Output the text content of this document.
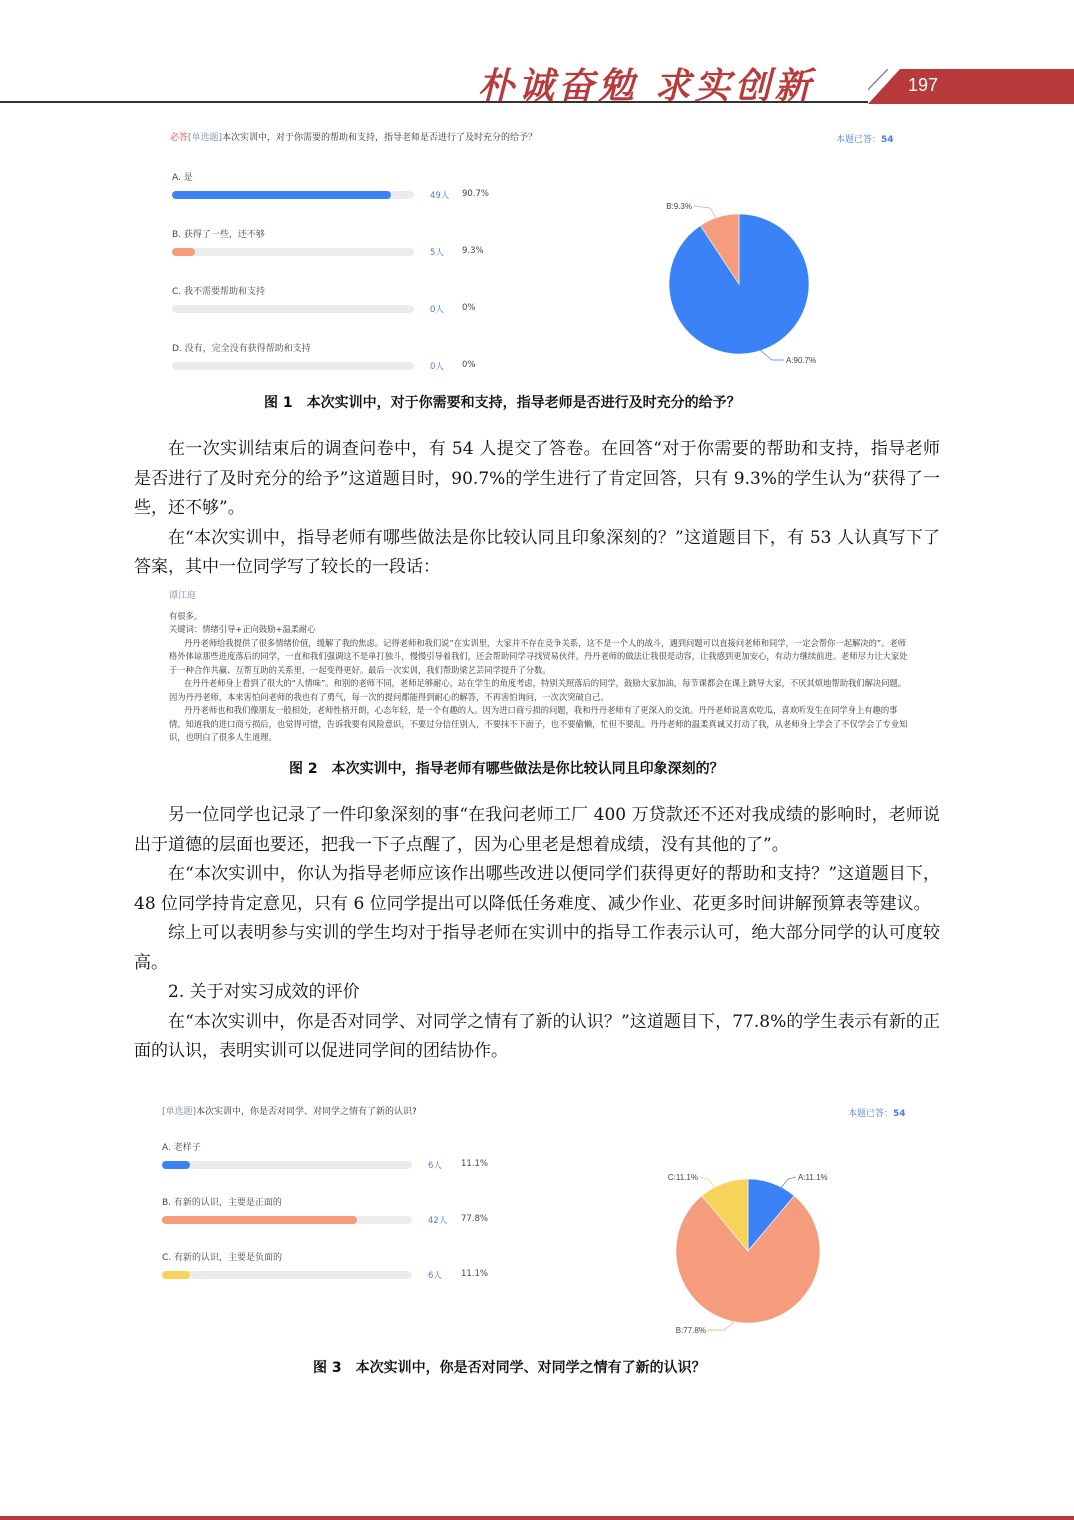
朴诚奋勉 求实创新	197
必答[单选题]本次实训中，对于你需要的帮助和支持，指导老师是否进行了及时充分的给予？	本题已答：54
A. 是
49人 90.7%
B. 获得了一些，还不够
5人 9.3%
C. 我不需要帮助和支持
0人 0%
D. 没有，完全没有获得帮助和支持
0人 0%
B:9.3%
A:90.7%
图 1　本次实训中，对于你需要和支持，指导老师是否进行及时充分的给予？

在一次实训结束后的调查问卷中，有 54 人提交了答卷。在回答“对于你需要的帮助和支持，指导老师是否进行了及时充分的给予”这道题目时，90.7%的学生进行了肯定回答，只有 9.3%的学生认为“获得了一些，还不够”。

在“本次实训中，指导老师有哪些做法是你比较认同且印象深刻的？”这道题目下，有 53 人认真写下了答案，其中一位同学写了较长的一段话：

谭江庭

有很多。

关键词：情绪引导+正向鼓励+温柔耐心

丹丹老师给我提供了很多情绪价值，缓解了我的焦虑。记得老师和我们说“在实训里，大家并不存在竞争关系，这不是一个人的战斗，遇到问题可以直接问老师和同学，一定会帮你一起解决的”。老师格外体谅那些进度落后的同学，一直和我们强调这不是单打独斗，慢慢引导着我们，还会帮助同学寻找贸易伙伴。丹丹老师的做法让我很是动容，让我感到更加安心，有动力继续前进。老师尽力让大家处于一种合作共赢、互帮互助的关系里，一起变得更好。最后一次实训，我们帮助梁艺芸同学提升了分数。

在丹丹老师身上看到了很大的“人情味”。和别的老师不同，老师足够耐心，站在学生的角度考虑，特别关照落后的同学，鼓励大家加油，每节课都会在课上跳导大家，不厌其烦地帮助我们解决问题。因为丹丹老师，本来害怕问老师的我也有了勇气，每一次的提问都能得到耐心的解答，不再害怕询问，一次次突破自己。

丹丹老师也和我们像朋友一般相处，老师性格开朗，心态年轻，是一个有趣的人。因为进口商亏损的问题，我和丹丹老师有了更深入的交流。丹丹老师说喜欢吃瓜，喜欢听发生在同学身上有趣的事情。知道我的进口商亏损后，也觉得可惜，告诉我要有风险意识，不要过分信任别人，不要抹不下面子，也不要偷懒，忙但不要乱。丹丹老师的温柔真诚又打动了我，从老师身上学会了不仅学会了专业知识，也明白了很多人生道理。

图 2　本次实训中，指导老师有哪些做法是你比较认同且印象深刻的？

另一位同学也记录了一件印象深刻的事“在我问老师工厂 400 万贷款还不还对我成绩的影响时，老师说出于道德的层面也要还，把我一下子点醒了，因为心里老是想着成绩，没有其他的了”。

在“本次实训中，你认为指导老师应该作出哪些改进以便同学们获得更好的帮助和支持？”这道题目下，48 位同学持肯定意见，只有 6 位同学提出可以降低任务难度、减少作业、花更多时间讲解预算表等建议。

综上可以表明参与实训的学生均对于指导老师在实训中的指导工作表示认可，绝大部分同学的认可度较高。

2. 关于对实习成效的评价

在“本次实训中，你是否对同学、对同学之情有了新的认识？”这道题目下，77.8%的学生表示有新的正面的认识，表明实训可以促进同学间的团结协作。

[单选题]本次实训中，你是否对同学、对同学之情有了新的认识?	本题已答：54
A. 老样子
6人 11.1%
B. 有新的认识，主要是正面的
42人 77.8%
C. 有新的认识，主要是负面的
6人 11.1%
C:11.1%	A:11.1%
B:77.8%
图 3　本次实训中，你是否对同学、对同学之情有了新的认识？
